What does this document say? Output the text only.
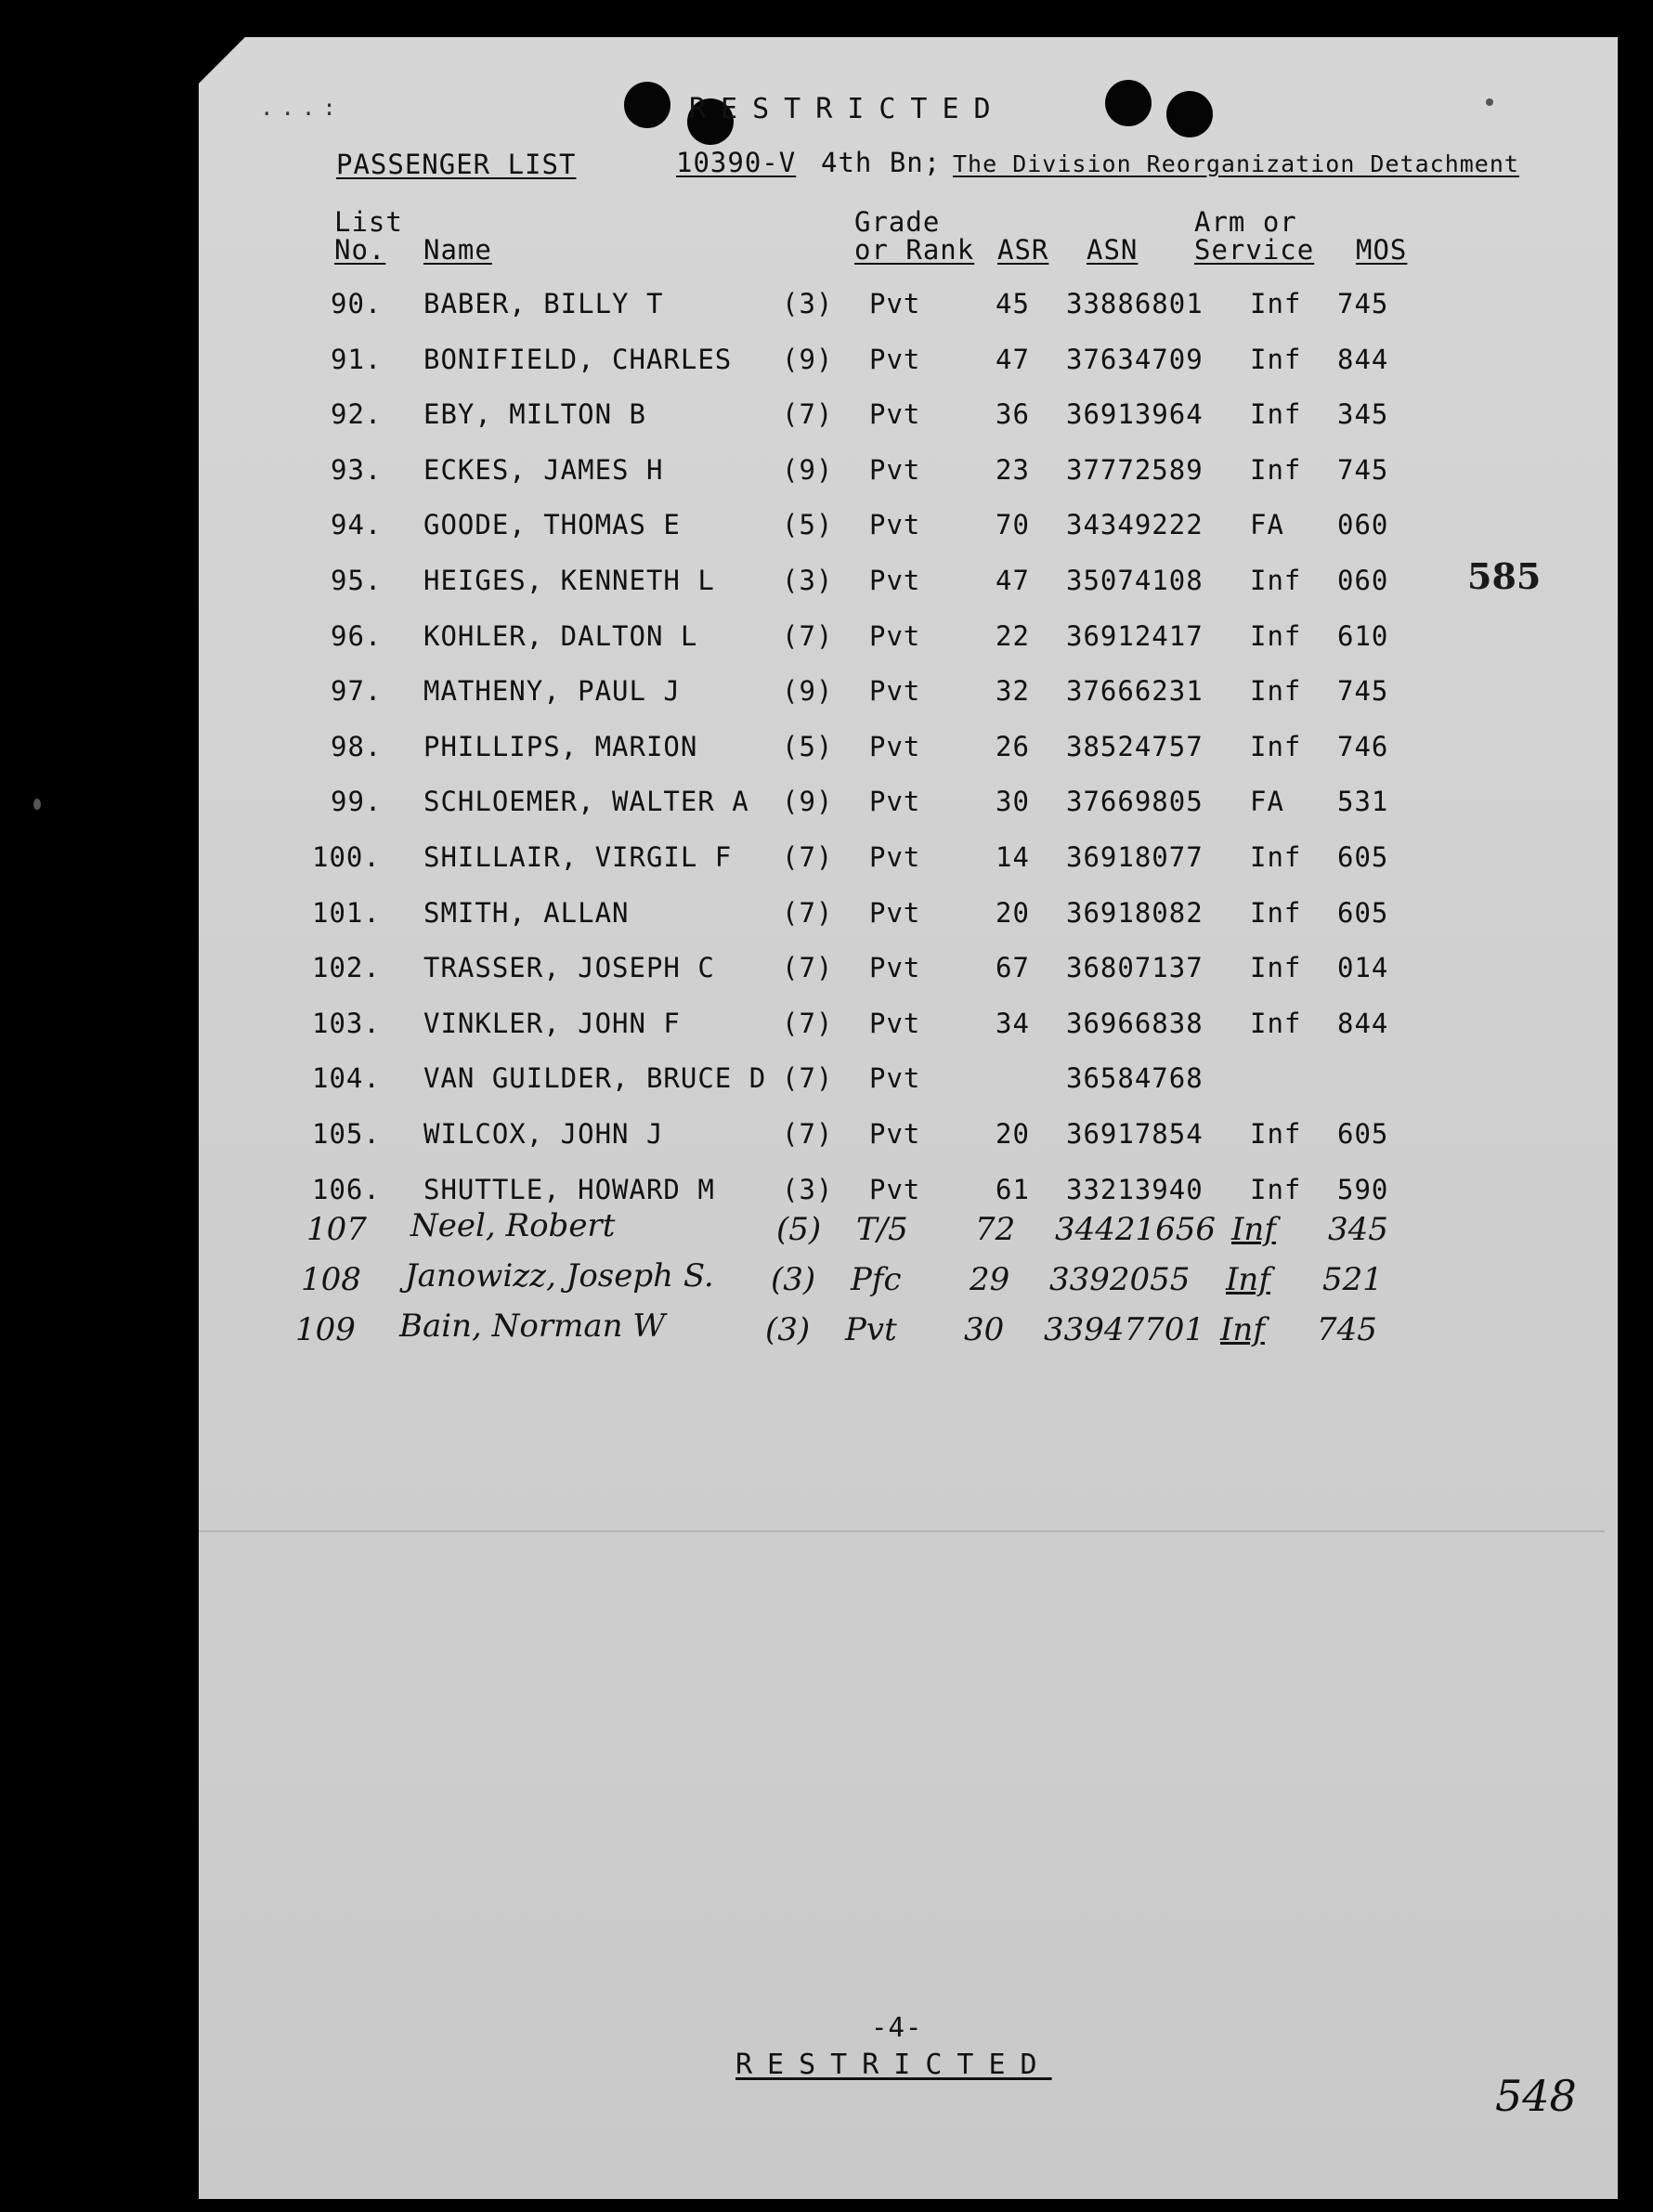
...:	RESTRICTED
PASSENGER LIST	10390-V 4th Bn; The Division Reorganization Detachment
List
No. Name
Grade
or Rank ASR ASN
Arm or
Service MOS
90. BABER, BILLY T	(3) Pvt	45 33886801 Inf 745
91. BONIFIELD, CHARLES (9) Pvt	47 37634709 Inf 844
92. EBY, MILTON B	(7) Pvt	36 36913964 Inf 345
93. ECKES, JAMES H	(9) Pvt	23 37772589 Inf 745
94. GOODE, THOMAS E	(5) Pvt	70 34349222 FA 060
95. HEIGES, KENNETH L (3) Pvt	47 35074108 Inf 060
96. KOHLER, DALTON L	(7) Pvt	22 36912417 Inf 610
97. MATHENY, PAUL J	(9) Pvt	32 37666231 Inf 745
98. PHILLIPS, MARION	(5) Pvt	26 38524757 Inf 746
99. SCHLOEMER, WALTER A (9) Pvt	30 37669805 FA 531
100. SHILLAIR, VIRGIL F (7) Pvt	14 36918077 Inf 605
101. SMITH, ALLAN	(7) Pvt	20 36918082 Inf 605
102. TRASSER, JOSEPH C (7) Pvt	67 36807137 Inf 014
103. VINKLER, JOHN F	(7) Pvt	34 36966838 Inf 844
104. VAN GUILDER, BRUCE D (7) Pvt	36584768
105. WILCOX, JOHN J	(7) Pvt	20 36917854 Inf 605
106. SHUTTLE, HOWARD M (3) Pvt	61 33213940 Inf 590
107 Neel, Robert	(5) T/5 72 34421656 Inf 345
108 Janowizz, Joseph S. (3) Pfc 29 3392055 Inf 521
109 Bain, Norman W	(3) Pvt 30 33947701 Inf 745
585
-4-
RESTRICTED
548
